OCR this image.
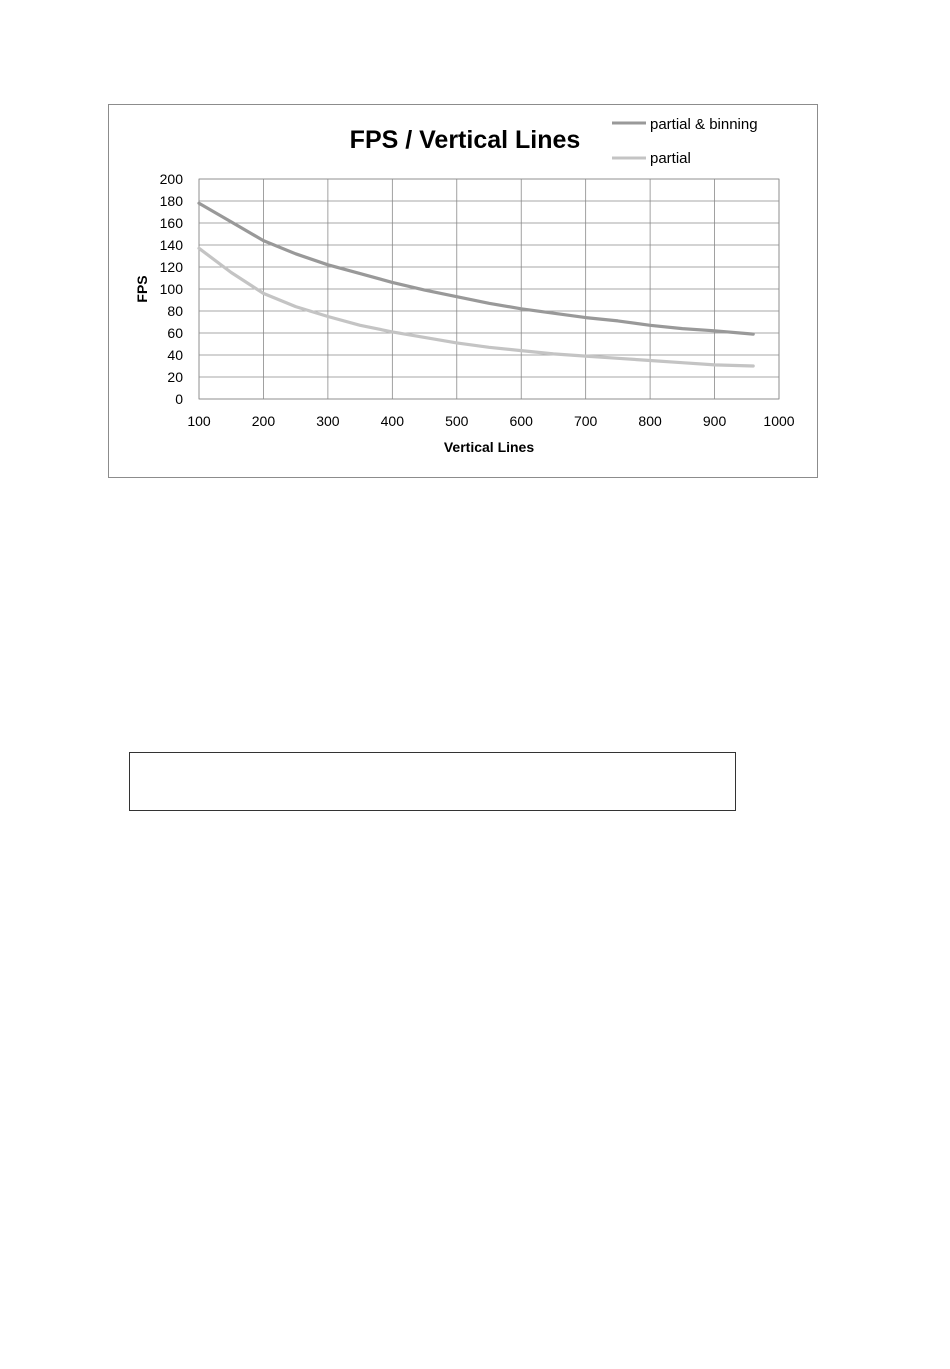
0
20
40
60
80
100
120
140
160
180
200
100	200	300	400	500	600	700	800	900	1000
FPS / Vertical Lines
Vertical Lines
FPS
partial & binning
partial
